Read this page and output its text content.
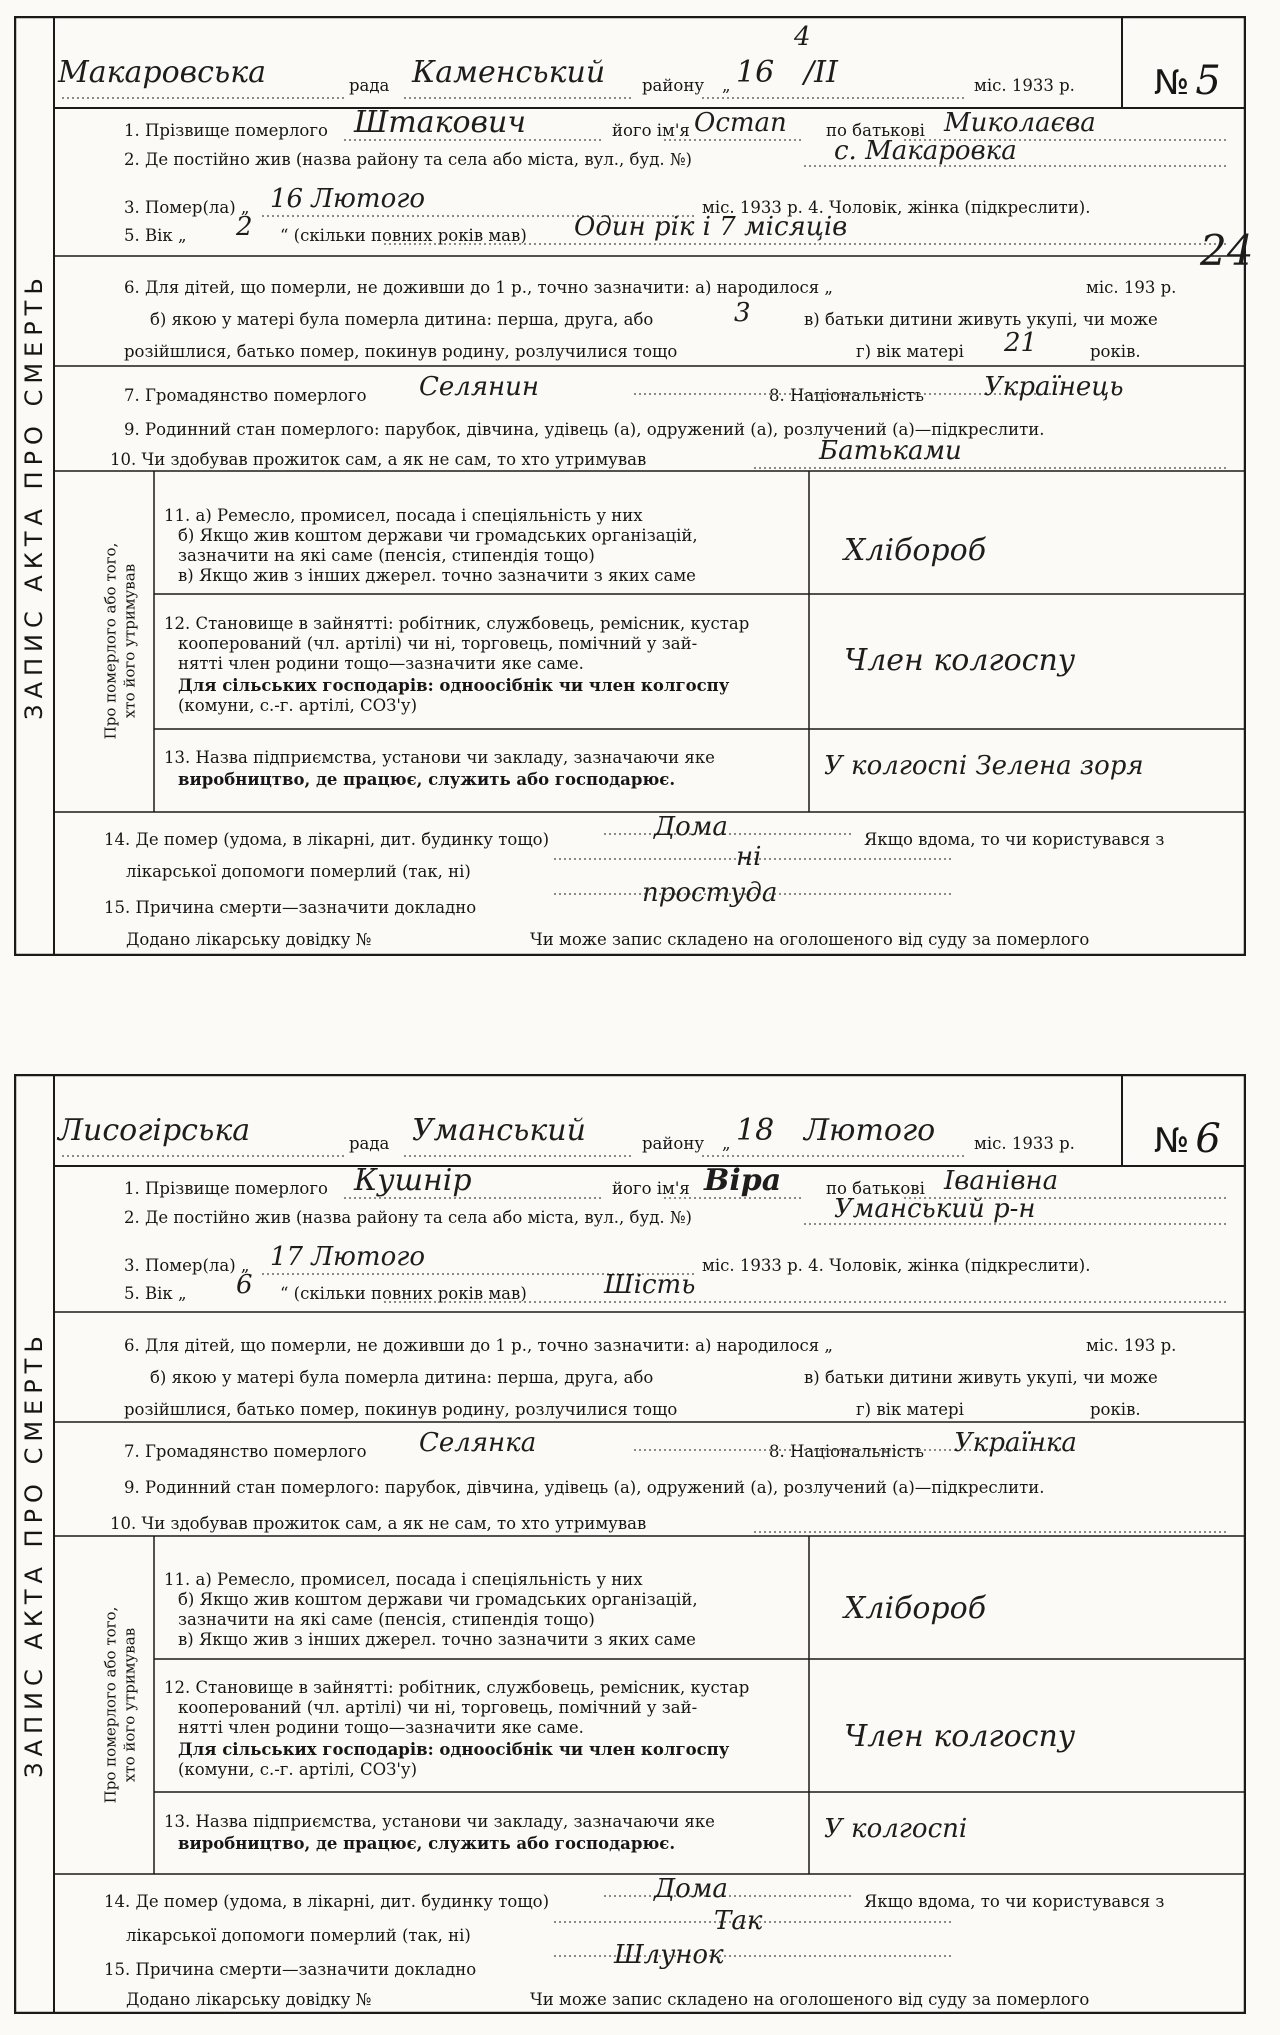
ЗАПИС АКТА ПРО СМЕРТЬ
Макаровська	рада Каменський району „ 16 /II
4
міс. 1933 р. № 5
1. Прізвище померлого Штакович	його ім'я Остап по батькові Миколаєва
2. Де постійно жив (назва району та села або міста, вул., буд. №)	с. Макаровка
3. Помер(ла) „ 16 Лютого	міс. 1933 р. 4. Чоловік, жінка (підкреслити).
5. Вік „ 2 “ (скільки повних років мав) Один рік і 7 місяців	24
6. Для дітей, що померли, не доживши до 1 р., точно зазначити: а) народилося „	міс. 193 р.
б) якою у матері була померла дитина: перша, друга, або	3	в) батьки дитини живуть укупі, чи може
розійшлися, батько помер, покинув родину, розлучилися тощо	г) вік матері 21	років.
7. Громадянство померлого Селянин	8. Національність Українець
9. Родинний стан померлого: парубок, дівчина, удівець (а), одружений (а), розлучений (а)—підкреслити.
10. Чи здобував прожиток сам, а як не сам, то хто утримував	Батьками
Про померлого або того,
хто його утримував
11. а) Ремесло, промисел, посада і спеціяльність у них
б) Якщо жив коштом держави чи громадських організацій,
зазначити на які саме (пенсія, стипендія тощо)
в) Якщо жив з інших джерел. точно зазначити з яких саме
Хлібороб
12. Становище в зайнятті: робітник, службовець, ремісник, кустар
кооперований (чл. артілі) чи ні, торговець, помічний у зай-
нятті член родини тощо—зазначити яке саме.
Для сільських господарів: одноосібнік чи член колгоспу
(комуни, с.-г. артілі, СОЗ'у)
Член колгоспу
13. Назва підприємства, установи чи закладу, зазначаючи яке
виробництво, де працює, служить або господарює.	У колгоспі Зелена зоря
14. Де помер (удома, в лікарні, дит. будинку тощо)	Дома	Якщо вдома, то чи користувався з
лікарської допомоги померлий (так, ні)	ні
15. Причина смерти—зазначити докладно	простуда
Додано лікарську довідку №	Чи може запис складено на оголошеного від суду за померлого
ЗАПИС АКТА ПРО СМЕРТЬ
Лисогірська	рада Уманський	району „ 18 Лютого міс. 1933 р. № 6
1. Прізвище померлого Кушнір	його ім'я Віра	по батькові Іванівна
2. Де постійно жив (назва району та села або міста, вул., буд. №)	Уманський р-н
3. Помер(ла) „ 17 Лютого	міс. 1933 р. 4. Чоловік, жінка (підкреслити).
5. Вік „ 6 “ (скільки повних років мав)	Шість
6. Для дітей, що померли, не доживши до 1 р., точно зазначити: а) народилося „	міс. 193 р.
б) якою у матері була померла дитина: перша, друга, або	в) батьки дитини живуть укупі, чи може
розійшлися, батько помер, покинув родину, розлучилися тощо	г) вік матері	років.
7. Громадянство померлого Селянка	8. Національність Українка
9. Родинний стан померлого: парубок, дівчина, удівець (а), одружений (а), розлучений (а)—підкреслити.
10. Чи здобував прожиток сам, а як не сам, то хто утримував
Про померлого або того,
хто його утримував
11. а) Ремесло, промисел, посада і спеціяльність у них
б) Якщо жив коштом держави чи громадських організацій,
зазначити на які саме (пенсія, стипендія тощо)
в) Якщо жив з інших джерел. точно зазначити з яких саме
Хлібороб
12. Становище в зайнятті: робітник, службовець, ремісник, кустар
кооперований (чл. артілі) чи ні, торговець, помічний у зай-
нятті член родини тощо—зазначити яке саме.
Для сільських господарів: одноосібнік чи член колгоспу
(комуни, с.-г. артілі, СОЗ'у)
Член колгоспу
13. Назва підприємства, установи чи закладу, зазначаючи яке
виробництво, де працює, служить або господарює.	У колгоспі
14. Де помер (удома, в лікарні, дит. будинку тощо)	Дома	Якщо вдома, то чи користувався з
лікарської допомоги померлий (так, ні)	Так
15. Причина смерти—зазначити докладно	Шлунок
Додано лікарську довідку №	Чи може запис складено на оголошеного від суду за померлого
